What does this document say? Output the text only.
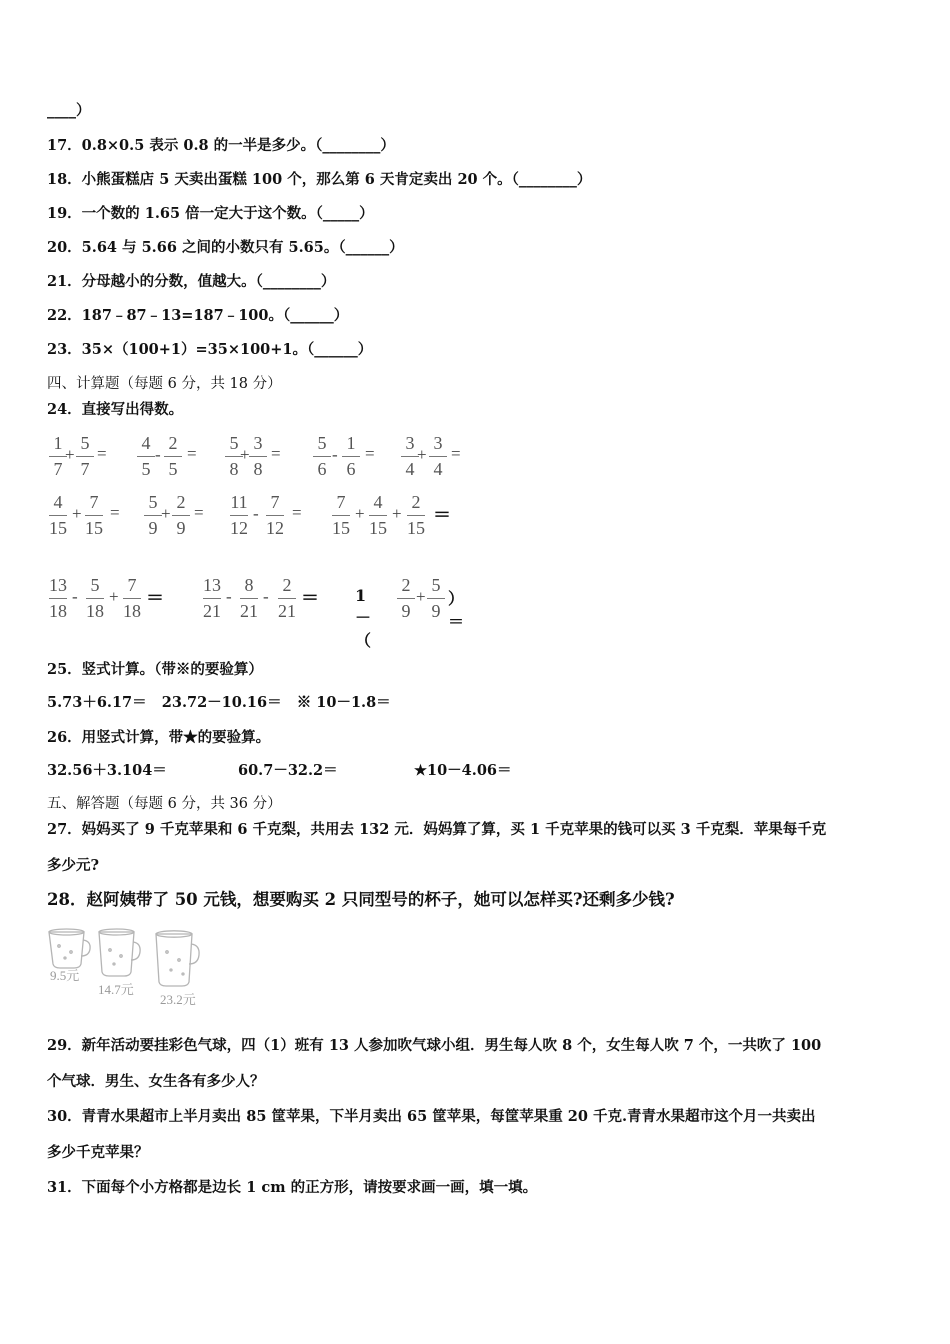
____）
17．0.8×0.5 表示 0.8 的一半是多少。（________）
18．小熊蛋糕店 5 天卖出蛋糕 100 个，那么第 6 天肯定卖出 20 个。（________）
19．一个数的 1.65 倍一定大于这个数。（_____）
20．5.64 与 5.66 之间的小数只有 5.65。（______）
21．分母越小的分数，值越大。（________）
22．187﹣87﹣13=187﹣100。（______）
23．35×（100+1）=35×100+1。（______）
四、计算题（每题 6 分，共 18 分）
24．直接写出得数。
1
7
+
5
7
=
4
5
-
2
5
=
5
8
+
3
8
=
5
6
-
1
6
=
3
4
+
3
4
=
4
15
+
7
15
=
5
9
+
2
9
=
11
12
-
7
12
=
7
15
+
4
15
+
2
15
＝
13
18
-
5
18
+
7
18
＝
13
21
-
8
21
-
2
21
＝ 1－（
2
9
+
5
9
）＝
25．竖式计算。（带※的要验算）
5.73＋6.17＝   23.72－10.16＝   ※ 10－1.8＝
26．用竖式计算，带★的要验算。
32.56＋3.104＝	60.7－32.2＝	★10－4.06＝
五、解答题（每题 6 分，共 36 分）
27．妈妈买了 9 千克苹果和 6 千克梨，共用去 132 元．妈妈算了算，买 1 千克苹果的钱可以买 3 千克梨．苹果每千克
多少元?
28．赵阿姨带了 50 元钱，想要购买 2 只同型号的杯子，她可以怎样买?还剩多少钱?
9.5元
14.7元
23.2元
29．新年活动要挂彩色气球，四（1）班有 13 人参加吹气球小组．男生每人吹 8 个，女生每人吹 7 个，一共吹了 100
个气球．男生、女生各有多少人？
30．青青水果超市上半月卖出 85 筐苹果，下半月卖出 65 筐苹果，每筐苹果重 20 千克.青青水果超市这个月一共卖出
多少千克苹果？
31．下面每个小方格都是边长 1 cm 的正方形，请按要求画一画，填一填。
